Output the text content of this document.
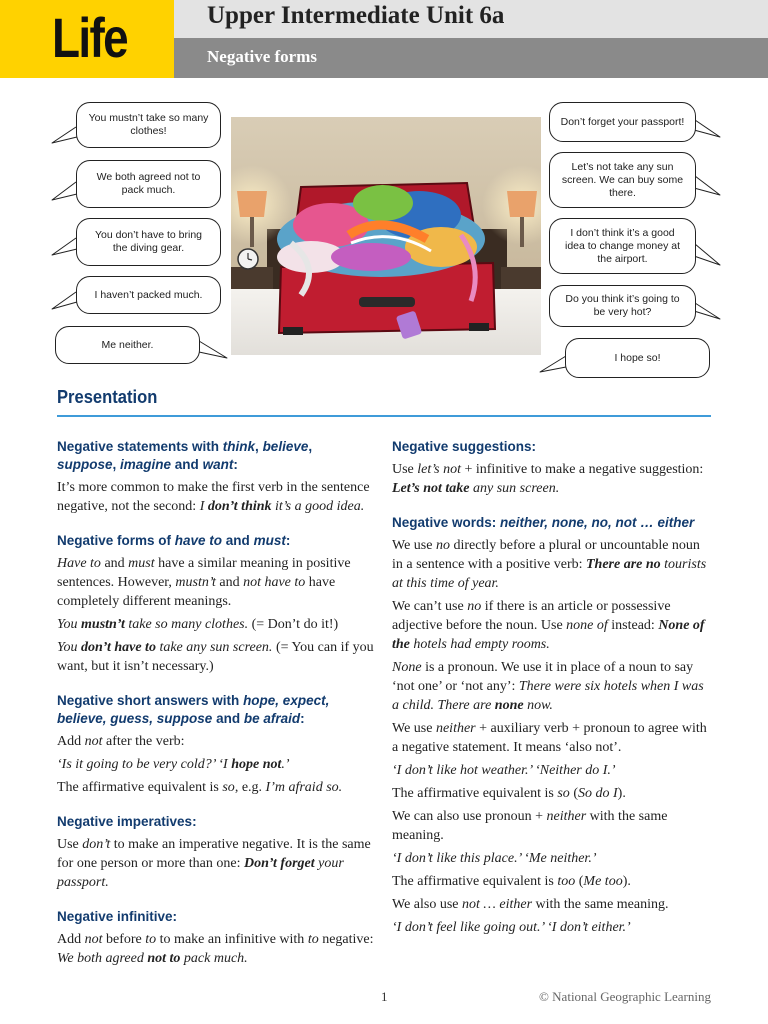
Life	Upper Intermediate Unit 6a
Negative forms
You mustn’t take so many clothes!
We both agreed not to pack much.
You don’t have to bring the diving gear.
I haven’t packed much.
Me neither.
Don’t forget your passport!
Let’s not take any sun screen. We can buy some there.
I don’t think it’s a good idea to change money at the airport.
Do you think it’s going to be very hot?
I hope so!
Presentation
Negative statements with think, believe, suppose, imagine and want:
It’s more common to make the first verb in the sentence negative, not the second: I don’t think it’s a good idea.
Negative forms of have to and must:
Have to and must have a similar meaning in positive sentences. However, mustn’t and not have to have completely different meanings.
You mustn’t take so many clothes. (= Don’t do it!)
You don’t have to take any sun screen. (= You can if you want, but it isn’t necessary.)
Negative short answers with hope, expect, believe, guess, suppose and be afraid:
Add not after the verb:
‘Is it going to be very cold?’ ‘I hope not.’
The affirmative equivalent is so, e.g. I’m afraid so.
Negative imperatives:
Use don’t to make an imperative negative. It is the same for one person or more than one: Don’t forget your passport.
Negative infinitive:
Add not before to to make an infinitive with to negative: We both agreed not to pack much.
Negative suggestions:
Use let’s not + infinitive to make a negative suggestion: Let’s not take any sun screen.
Negative words: neither, none, no, not … either
We use no directly before a plural or uncountable noun in a sentence with a positive verb: There are no tourists at this time of year.
We can’t use no if there is an article or possessive adjective before the noun. Use none of instead: None of the hotels had empty rooms.
None is a pronoun. We use it in place of a noun to say ‘not one’ or ‘not any’: There were six hotels when I was a child. There are none now.
We use neither + auxiliary verb + pronoun to agree with a negative statement. It means ‘also not’.
‘I don’t like hot weather.’ ‘Neither do I.’
The affirmative equivalent is so (So do I).
We can also use pronoun + neither with the same meaning.
‘I don’t like this place.’ ‘Me neither.’
The affirmative equivalent is too (Me too).
We also use not … either with the same meaning.
‘I don’t feel like going out.’ ‘I don’t either.’
1	© National Geographic Learning
